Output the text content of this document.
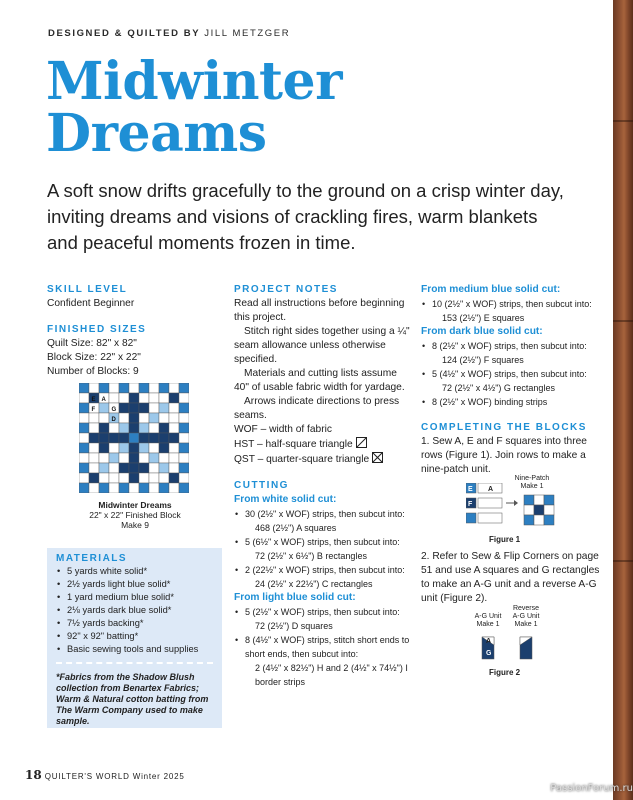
DESIGNED & QUILTED BY JILL METZGER
Midwinter
Dreams
A soft snow drifts gracefully to the ground on a crisp winter day, inviting dreams and visions of crackling fires, warm blankets and peaceful moments frozen in time.
SKILL LEVEL
Confident Beginner
FINISHED SIZES
Quilt Size: 82" x 82"
Block Size: 22" x 22"
Number of Blocks: 9
E A
F	G
D
Midwinter Dreams
22" x 22" Finished Block
Make 9
MATERIALS
• 5 yards white solid*
• 2½ yards light blue solid*
• 1 yard medium blue solid*
• 2⅛ yards dark blue solid*
• 7½ yards backing*
• 92" x 92" batting*
• Basic sewing tools and supplies
*Fabrics from the Shadow Blush collection from Benartex Fabrics; Warm & Natural cotton batting from The Warm Company used to make sample.
PROJECT NOTES
Read all instructions before beginning this project.
Stitch right sides together using a ¼" seam allowance unless otherwise specified.
Materials and cutting lists assume 40" of usable fabric width for yardage.
Arrows indicate directions to press seams.
WOF – width of fabric
HST – half-square triangle
QST – quarter-square triangle
CUTTING
From white solid cut:
• 30 (2½" x WOF) strips, then subcut into:
468 (2½") A squares
• 5 (6½" x WOF) strips, then subcut into:
72 (2½" x 6½") B rectangles
• 2 (22½" x WOF) strips, then subcut into:
24 (2½" x 22½") C rectangles
From light blue solid cut:
• 5 (2½" x WOF) strips, then subcut into:
72 (2½") D squares
• 8 (4½" x WOF) strips, stitch short ends to short ends, then subcut into:
2 (4½" x 82½") H and 2 (4½" x 74½") I border strips
From medium blue solid cut:
• 10 (2½" x WOF) strips, then subcut into:
153 (2½") E squares
From dark blue solid cut:
• 8 (2½" x WOF) strips, then subcut into:
124 (2½") F squares
• 5 (4½" x WOF) strips, then subcut into:
72 (2½" x 4½") G rectangles
• 8 (2½" x WOF) binding strips
COMPLETING THE BLOCKS
1. Sew A, E and F squares into three rows (Figure 1). Join rows to make a nine-patch unit.
Nine-Patch
Make 1
E A
F
Figure 1
2. Refer to Sew & Flip Corners on page 51 and use A squares and G rectangles to make an A-G unit and a reverse A-G unit (Figure 2).
A-G Unit
Make 1
Reverse
A-G Unit
Make 1
A
G
Figure 2
18 QUILTER'S WORLD Winter 2025
PassionForum.ru
